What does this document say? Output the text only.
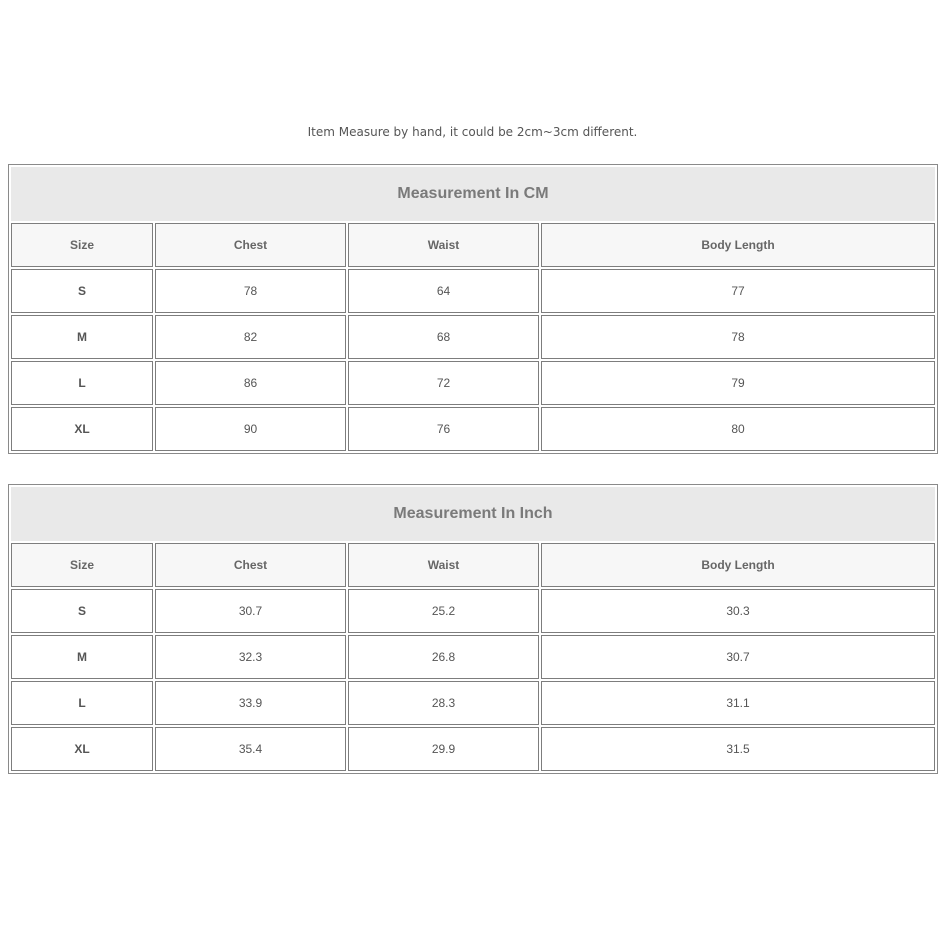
Item Measure by hand, it could be 2cm~3cm different.
Measurement In CM			
Size	Chest	Waist	Body Length
S	78	64	77
M	82	68	78
L	86	72	79
XL	90	76	80
Measurement In Inch			
Size	Chest	Waist	Body Length
S	30.7	25.2	30.3
M	32.3	26.8	30.7
L	33.9	28.3	31.1
XL	35.4	29.9	31.5
